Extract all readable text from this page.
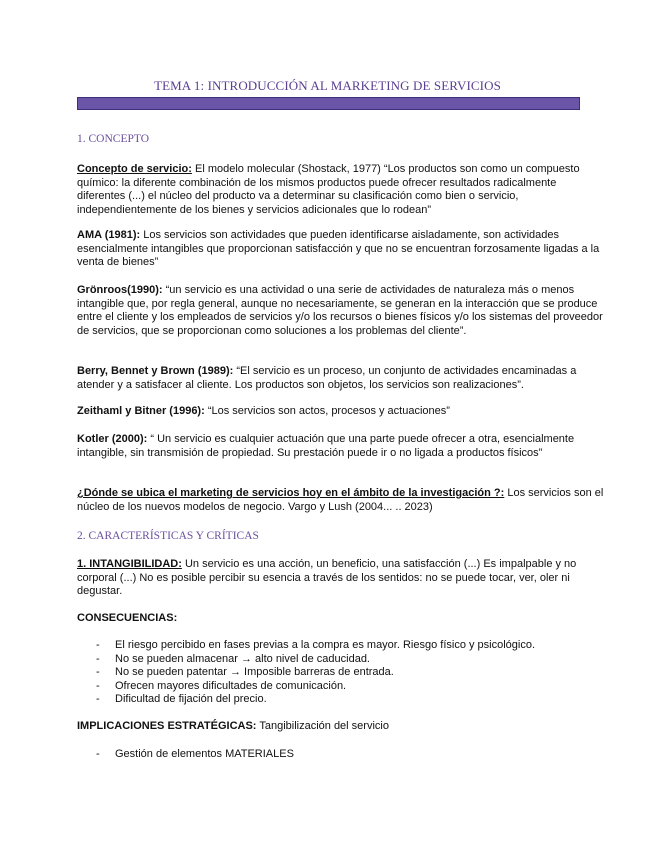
TEMA 1: INTRODUCCIÓN AL MARKETING DE SERVICIOS
1. CONCEPTO

Concepto de servicio: El modelo molecular (Shostack, 1977) “Los productos son como un compuesto químico: la diferente combinación de los mismos productos puede ofrecer resultados radicalmente diferentes (...) el núcleo del producto va a determinar su clasificación como bien o servicio, independientemente de los bienes y servicios adicionales que lo rodean”

AMA (1981): Los servicios son actividades que pueden identificarse aisladamente, son actividades esencialmente intangibles que proporcionan satisfacción y que no se encuentran forzosamente ligadas a la venta de bienes”

Grönroos(1990): “un servicio es una actividad o una serie de actividades de naturaleza más o menos intangible que, por regla general, aunque no necesariamente, se generan en la interacción que se produce entre el cliente y los empleados de servicios y/o los recursos o bienes físicos y/o los sistemas del proveedor de servicios, que se proporcionan como soluciones a los problemas del cliente”.

Berry, Bennet y Brown (1989): “El servicio es un proceso, un conjunto de actividades encaminadas a atender y a satisfacer al cliente. Los productos son objetos, los servicios son realizaciones”.

Zeithaml y Bitner (1996): “Los servicios son actos, procesos y actuaciones”

Kotler (2000): “ Un servicio es cualquier actuación que una parte puede ofrecer a otra, esencialmente intangible, sin transmisión de propiedad. Su prestación puede ir o no ligada a productos físicos”

¿Dónde se ubica el marketing de servicios hoy en el ámbito de la investigación ?: Los servicios son el núcleo de los nuevos modelos de negocio. Vargo y Lush (2004... .. 2023)

2. CARACTERÍSTICAS Y CRÍTICAS

1. INTANGIBILIDAD: Un servicio es una acción, un beneficio, una satisfacción (...) Es impalpable y no corporal (...) No es posible percibir su esencia a través de los sentidos: no se puede tocar, ver, oler ni degustar.

CONSECUENCIAS:
- El riesgo percibido en fases previas a la compra es mayor. Riesgo físico y psicológico.
- No se pueden almacenar → alto nivel de caducidad.
- No se pueden patentar → Imposible barreras de entrada.
- Ofrecen mayores dificultades de comunicación.
- Dificultad de fijación del precio.

IMPLICACIONES ESTRATÉGICAS: Tangibilización del servicio

- Gestión de elementos MATERIALES
